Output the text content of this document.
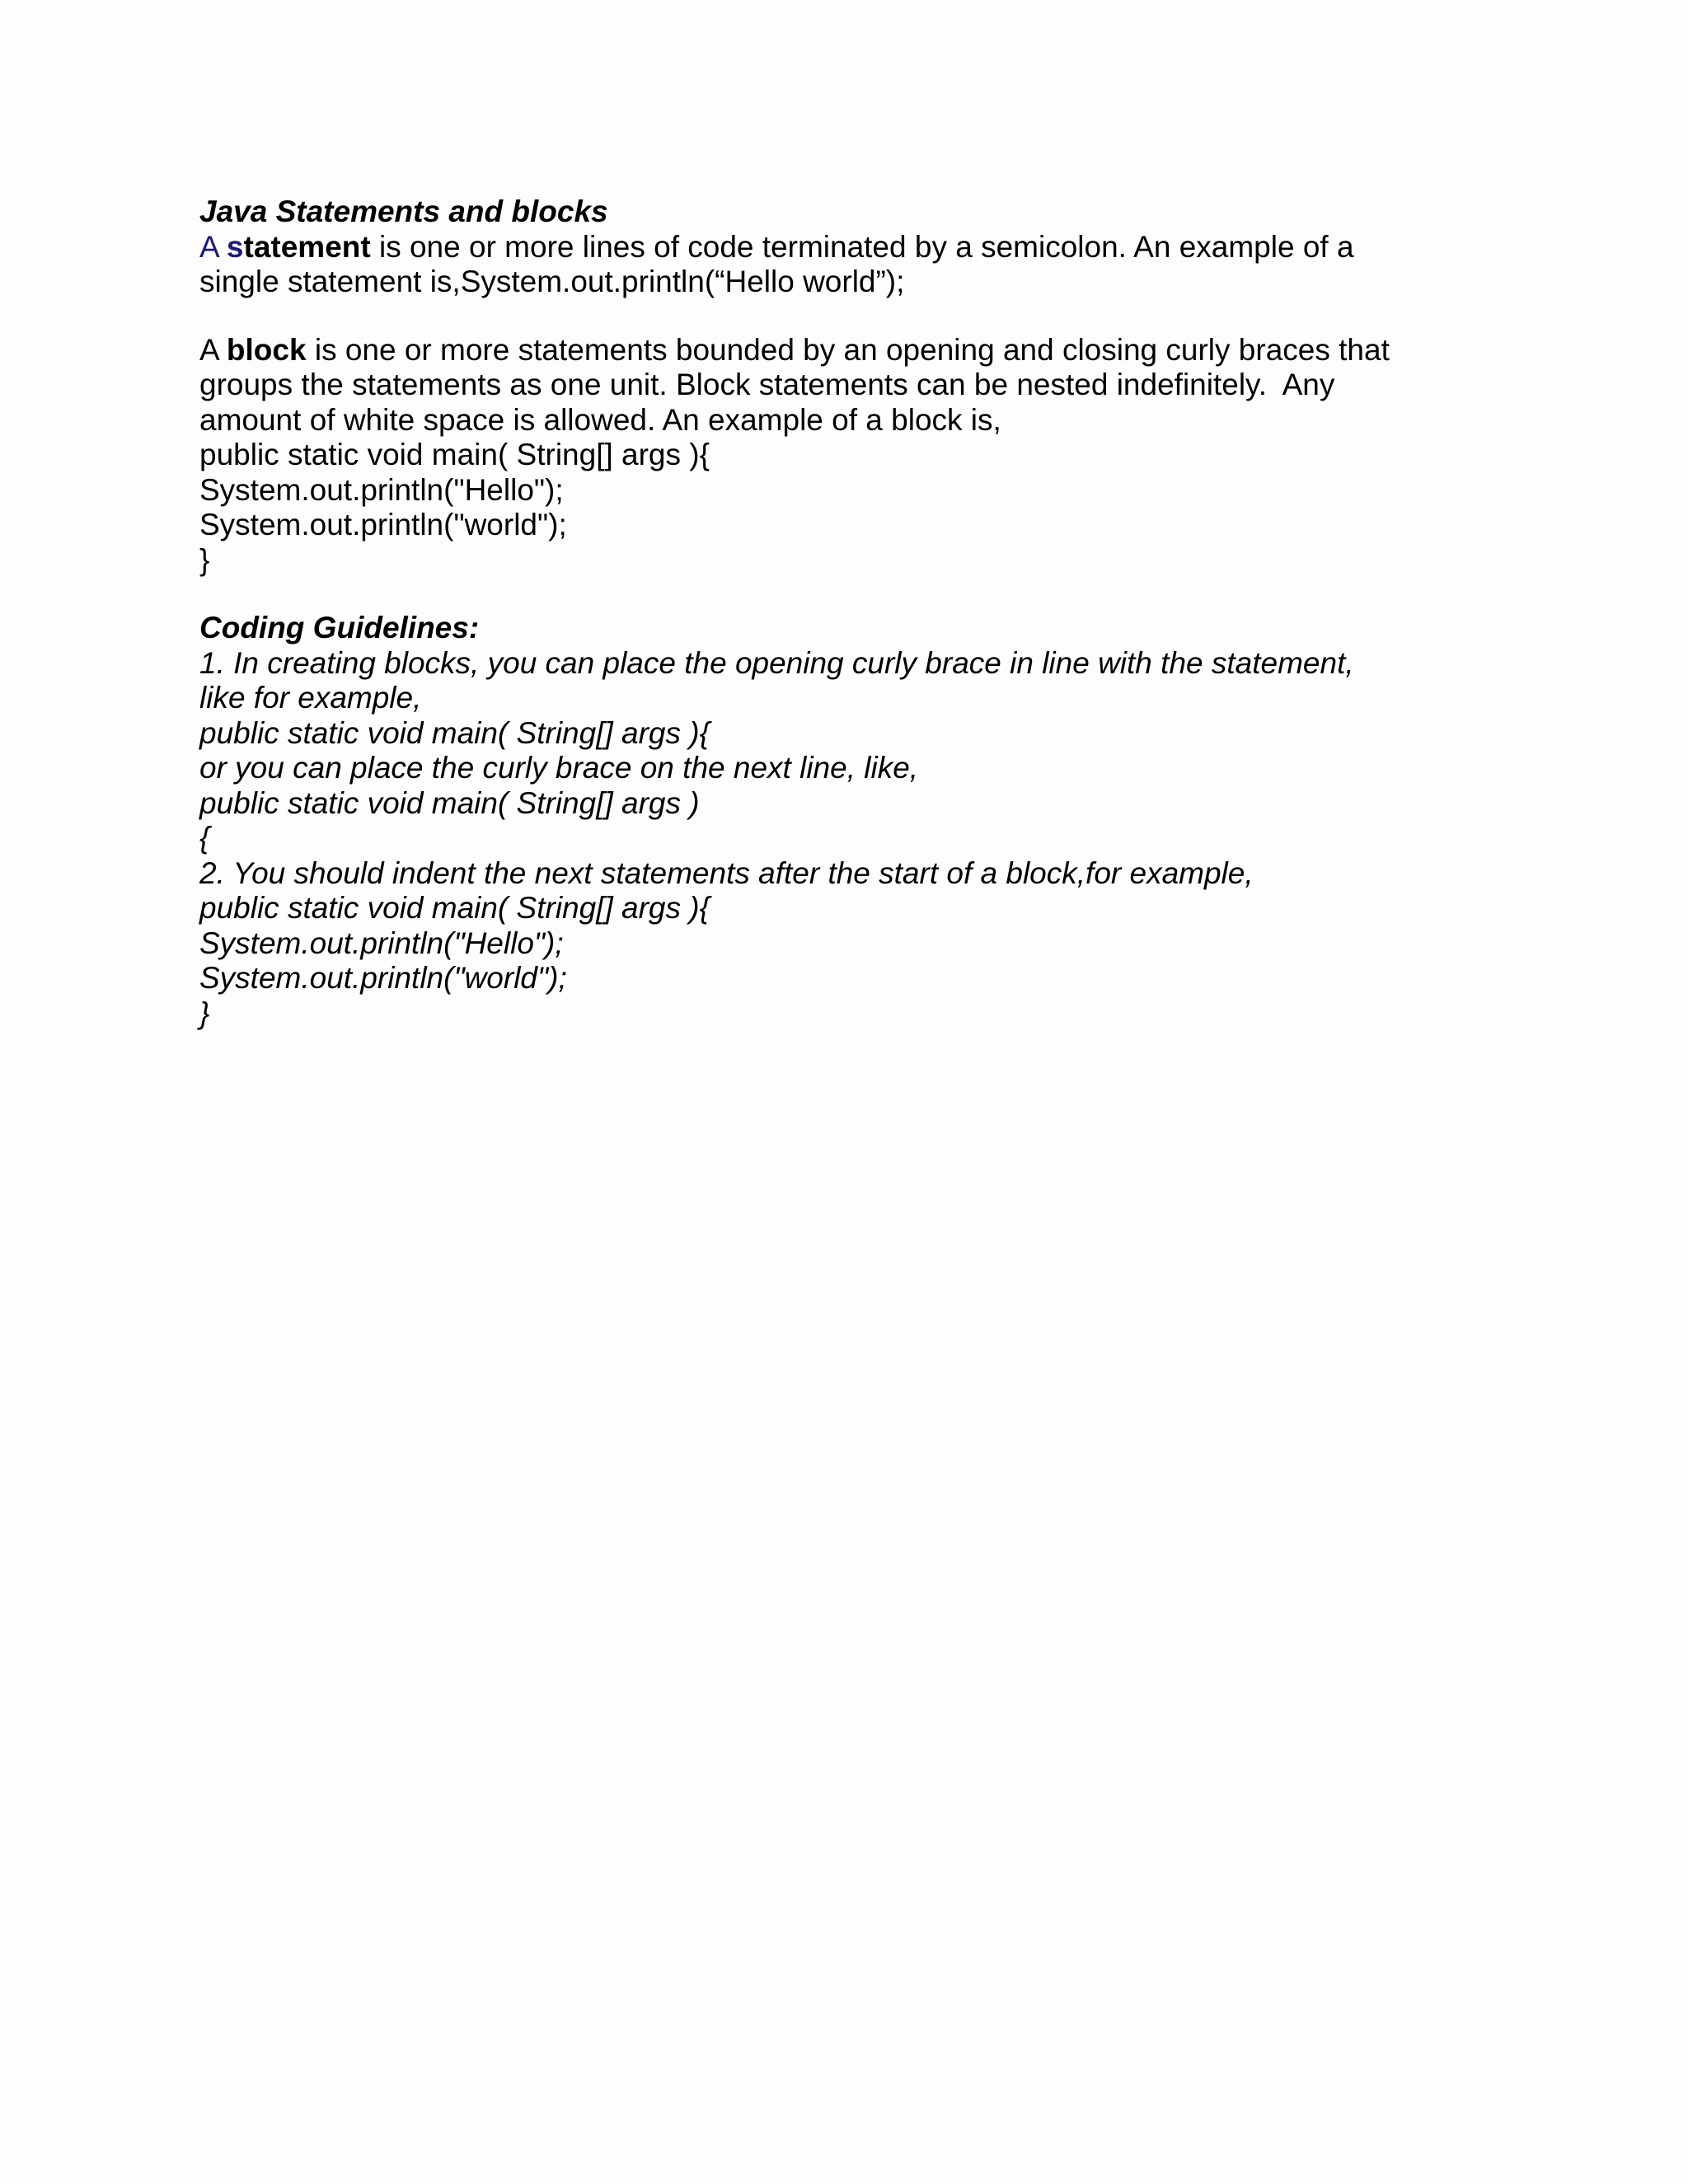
Java Statements and blocks
A statement is one or more lines of code terminated by a semicolon. An example of a
single statement is,System.out.println(“Hello world”);
A block is one or more statements bounded by an opening and closing curly braces that
groups the statements as one unit. Block statements can be nested indefinitely.  Any
amount of white space is allowed. An example of a block is,
public static void main( String[] args ){
System.out.println("Hello");
System.out.println("world");
}
Coding Guidelines:
1. In creating blocks, you can place the opening curly brace in line with the statement,
like for example,
public static void main( String[] args ){
or you can place the curly brace on the next line, like,
public static void main( String[] args )
{
2. You should indent the next statements after the start of a block,for example,
public static void main( String[] args ){
System.out.println("Hello");
System.out.println("world");
}
